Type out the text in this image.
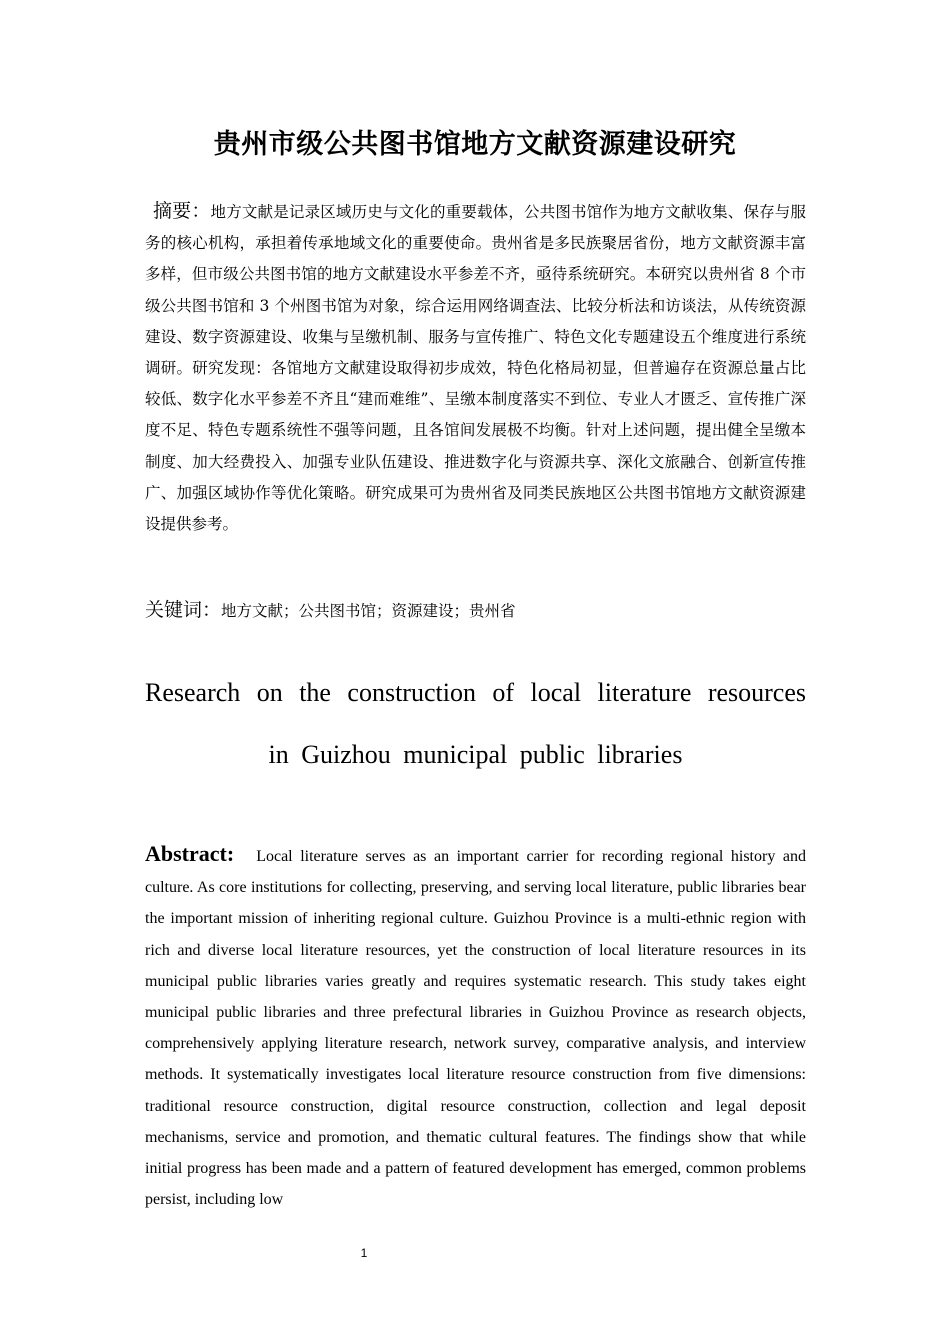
贵州市级公共图书馆地方文献资源建设研究
摘要：地方文献是记录区域历史与文化的重要载体，公共图书馆作为地方文献收集、保存与服务的核心机构，承担着传承地域文化的重要使命。贵州省是多民族聚居省份，地方文献资源丰富多样，但市级公共图书馆的地方文献建设水平参差不齐，亟待系统研究。本研究以贵州省 8 个市级公共图书馆和 3 个州图书馆为对象，综合运用网络调查法、比较分析法和访谈法，从传统资源建设、数字资源建设、收集与呈缴机制、服务与宣传推广、特色文化专题建设五个维度进行系统调研。研究发现：各馆地方文献建设取得初步成效，特色化格局初显，但普遍存在资源总量占比较低、数字化水平参差不齐且“建而难维”、呈缴本制度落实不到位、专业人才匮乏、宣传推广深度不足、特色专题系统性不强等问题，且各馆间发展极不均衡。针对上述问题，提出健全呈缴本制度、加大经费投入、加强专业队伍建设、推进数字化与资源共享、深化文旅融合、创新宣传推广、加强区域协作等优化策略。研究成果可为贵州省及同类民族地区公共图书馆地方文献资源建设提供参考。
关键词：地方文献；公共图书馆；资源建设；贵州省
Research on the construction of local literature resources in Guizhou municipal public libraries
Abstract: Local literature serves as an important carrier for recording regional history and culture. As core institutions for collecting, preserving, and serving local literature, public libraries bear the important mission of inheriting regional culture. Guizhou Province is a multi-ethnic region with rich and diverse local literature resources, yet the construction of local literature resources in its municipal public libraries varies greatly and requires systematic research. This study takes eight municipal public libraries and three prefectural libraries in Guizhou Province as research objects, comprehensively applying literature research, network survey, comparative analysis, and interview methods. It systematically investigates local literature resource construction from five dimensions: traditional resource construction, digital resource construction, collection and legal deposit mechanisms, service and promotion, and thematic cultural features. The findings show that while initial progress has been made and a pattern of featured development has emerged, common problems persist, including low
1
